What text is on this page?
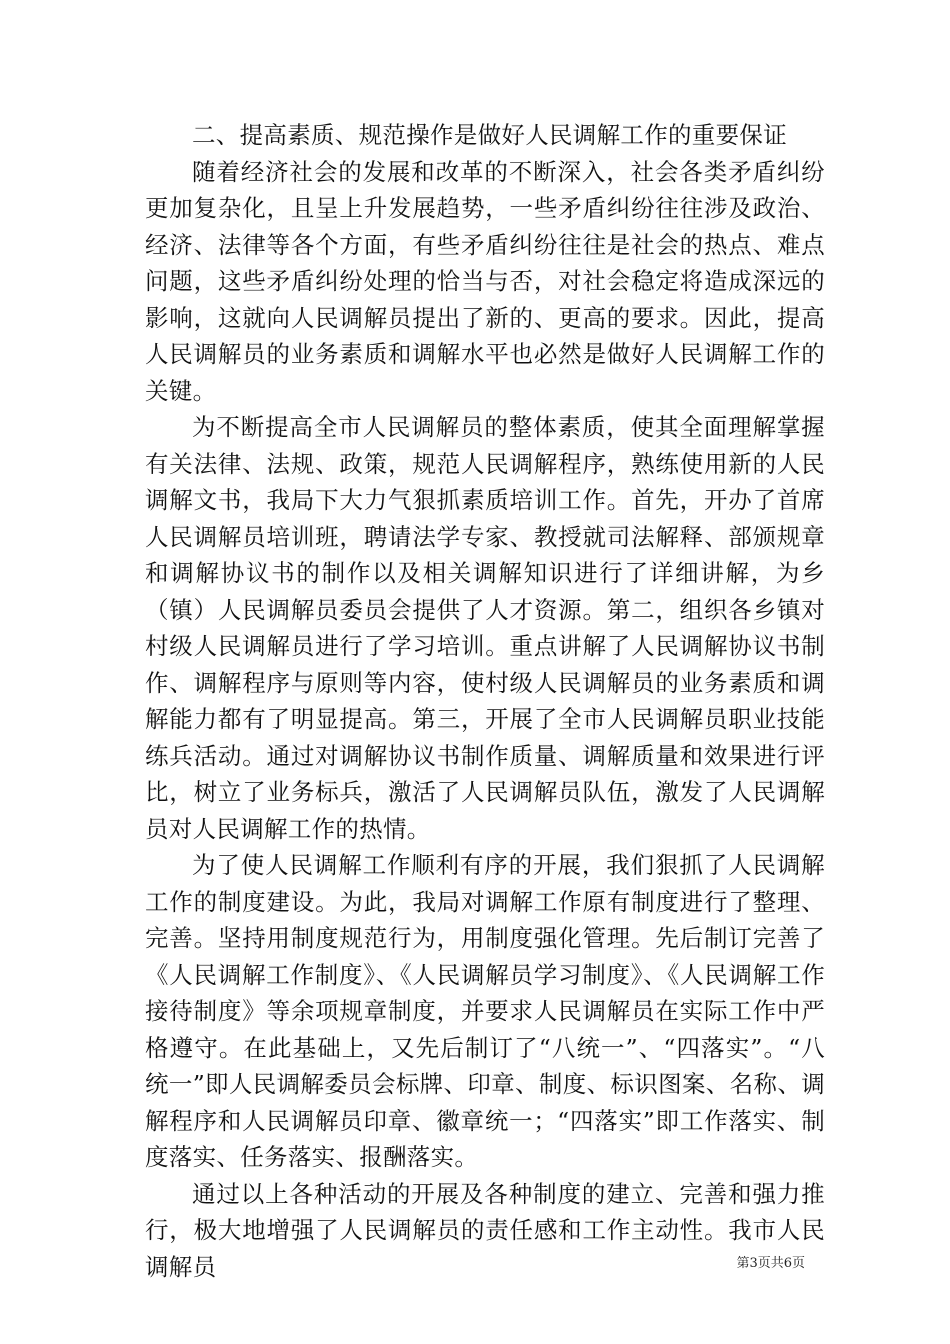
二、提高素质、规范操作是做好人民调解工作的重要保证

随着经济社会的发展和改革的不断深入，社会各类矛盾纠纷更加复杂化，且呈上升发展趋势，一些矛盾纠纷往往涉及政治、经济、法律等各个方面，有些矛盾纠纷往往是社会的热点、难点问题，这些矛盾纠纷处理的恰当与否，对社会稳定将造成深远的影响，这就向人民调解员提出了新的、更高的要求。因此，提高人民调解员的业务素质和调解水平也必然是做好人民调解工作的关键。

为不断提高全市人民调解员的整体素质，使其全面理解掌握有关法律、法规、政策，规范人民调解程序，熟练使用新的人民调解文书，我局下大力气狠抓素质培训工作。首先，开办了首席人民调解员培训班，聘请法学专家、教授就司法解释、部颁规章和调解协议书的制作以及相关调解知识进行了详细讲解，为乡（镇）人民调解员委员会提供了人才资源。第二，组织各乡镇对村级人民调解员进行了学习培训。重点讲解了人民调解协议书制作、调解程序与原则等内容，使村级人民调解员的业务素质和调解能力都有了明显提高。第三，开展了全市人民调解员职业技能练兵活动。通过对调解协议书制作质量、调解质量和效果进行评比，树立了业务标兵，激活了人民调解员队伍，激发了人民调解员对人民调解工作的热情。

为了使人民调解工作顺利有序的开展，我们狠抓了人民调解工作的制度建设。为此，我局对调解工作原有制度进行了整理、完善。坚持用制度规范行为，用制度强化管理。先后制订完善了《人民调解工作制度》、《人民调解员学习制度》、《人民调解工作接待制度》等余项规章制度，并要求人民调解员在实际工作中严格遵守。在此基础上，又先后制订了“八统一”、“四落实”。“八统一”即人民调解委员会标牌、印章、制度、标识图案、名称、调解程序和人民调解员印章、徽章统一；“四落实”即工作落实、制度落实、任务落实、报酬落实。

通过以上各种活动的开展及各种制度的建立、完善和强力推行，极大地增强了人民调解员的责任感和工作主动性。我市人民调解员	第3页共6页
